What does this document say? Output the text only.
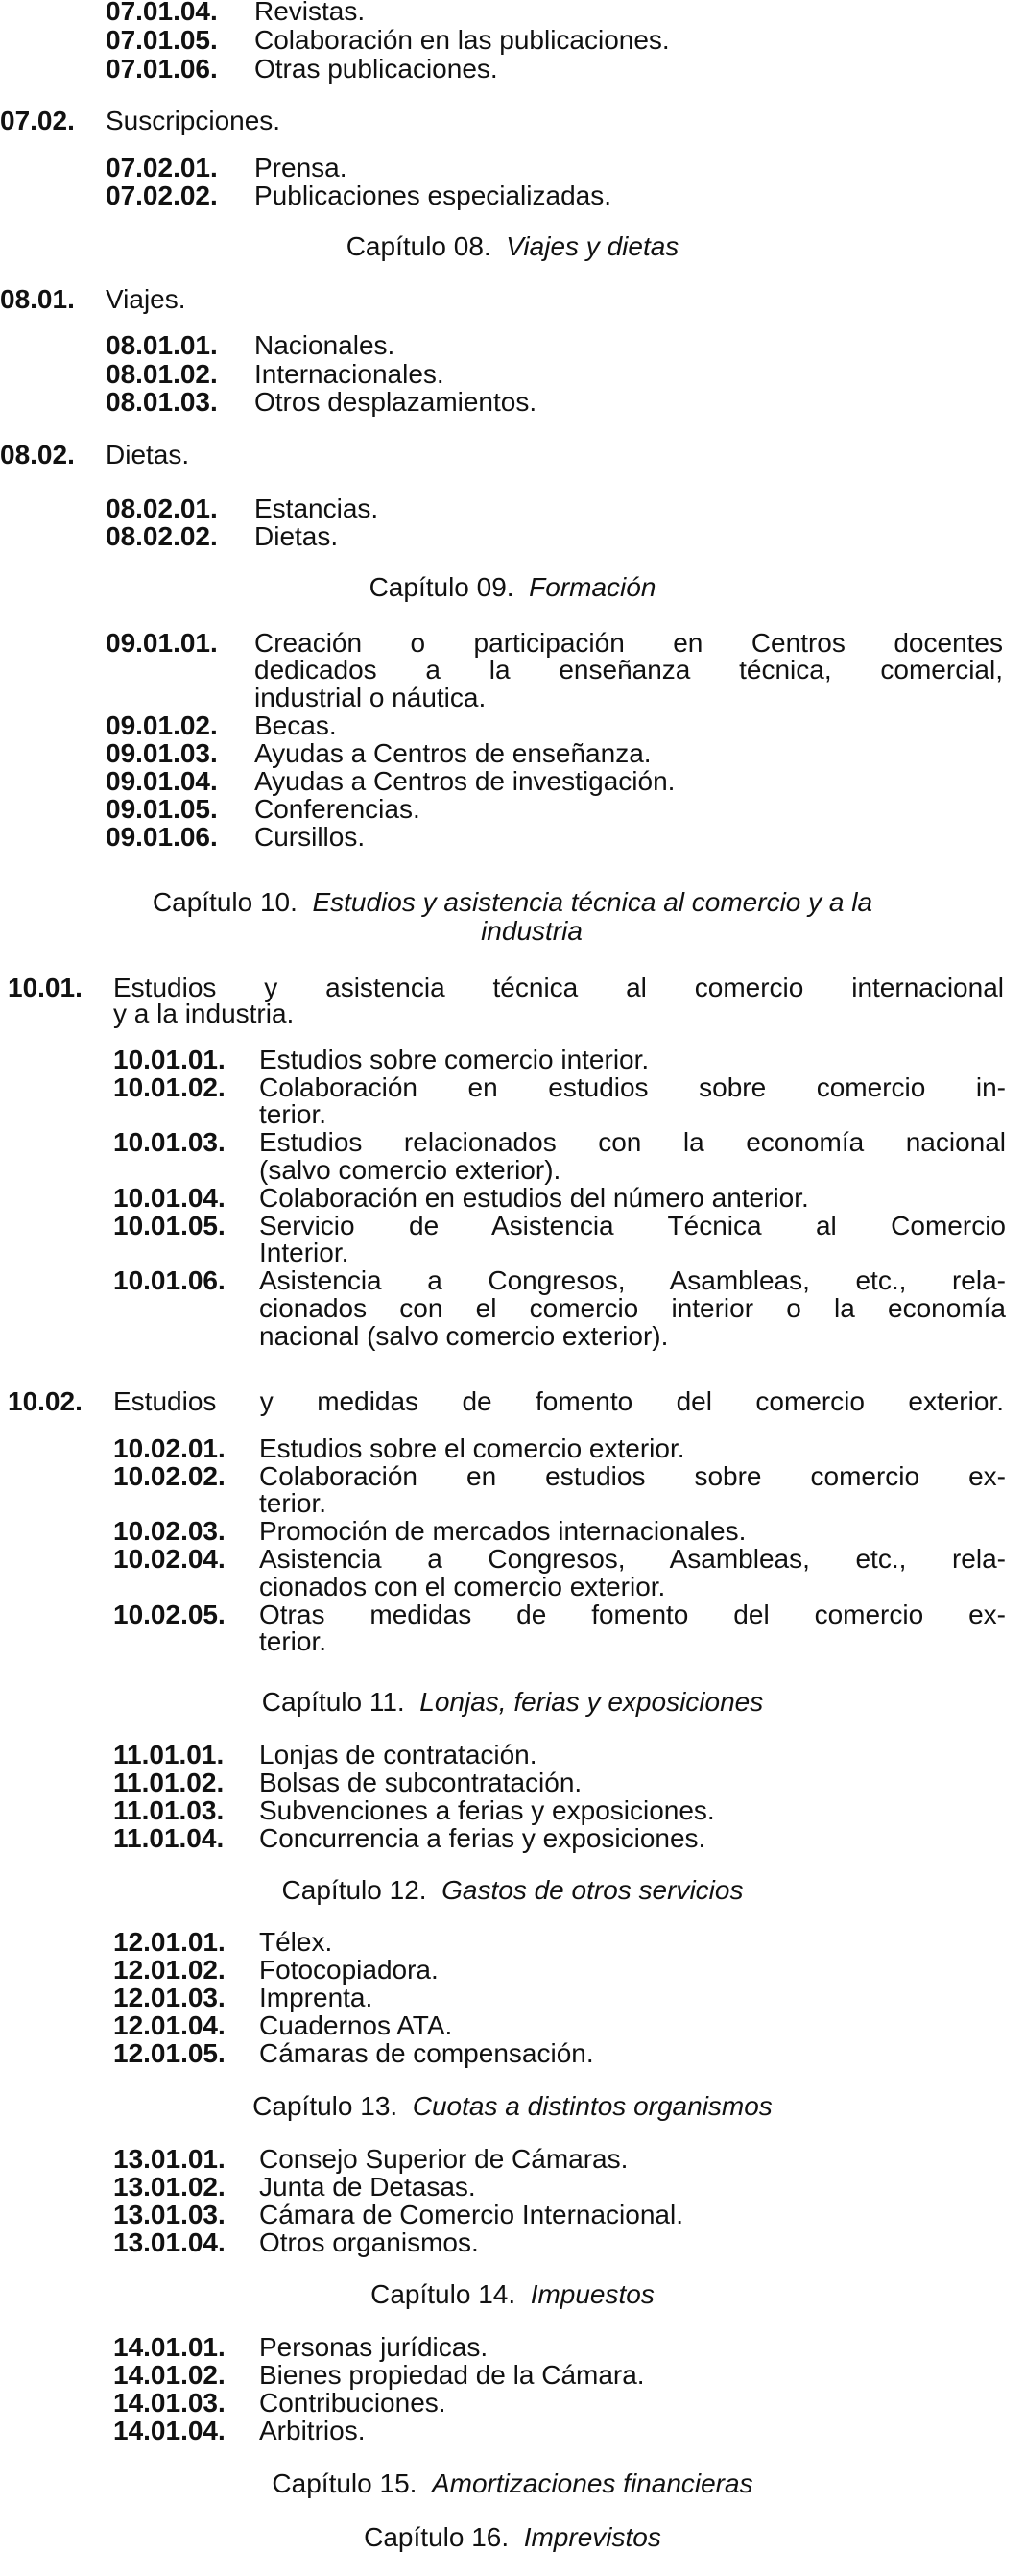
07.01.04. Revistas.
07.01.05. Colaboración en las publicaciones.
07.01.06. Otras publicaciones.
07.02. Suscripciones.
07.02.01. Prensa.
07.02.02. Publicaciones especializadas.
Capítulo 08. Viajes y dietas
08.01. Viajes.
08.01.01. Nacionales.
08.01.02. Internacionales.
08.01.03. Otros desplazamientos.
08.02. Dietas.
08.02.01. Estancias.
08.02.02. Dietas.
Capítulo 09. Formación
09.01.01. Creación o participación en Centros docentes
dedicados a la enseñanza técnica, comercial,
industrial o náutica.
09.01.02. Becas.
09.01.03. Ayudas a Centros de enseñanza.
09.01.04. Ayudas a Centros de investigación.
09.01.05. Conferencias.
09.01.06. Cursillos.
Capítulo 10. Estudios y asistencia técnica al comercio y a la
industria
10.01. Estudios y asistencia técnica al comercio internacional
y a la industria.
10.01.01. Estudios sobre comercio interior.
10.01.02. Colaboración en estudios sobre comercio in-
terior.
10.01.03. Estudios relacionados con la economía nacional
(salvo comercio exterior).
10.01.04. Colaboración en estudios del número anterior.
10.01.05. Servicio de Asistencia Técnica al Comercio
Interior.
10.01.06. Asistencia a Congresos, Asambleas, etc., rela-
cionados con el comercio interior o la economía
nacional (salvo comercio exterior).
10.02. Estudios y medidas de fomento del comercio exterior.
10.02.01. Estudios sobre el comercio exterior.
10.02.02. Colaboración en estudios sobre comercio ex-
terior.
10.02.03. Promoción de mercados internacionales.
10.02.04. Asistencia a Congresos, Asambleas, etc., rela-
cionados con el comercio exterior.
10.02.05. Otras medidas de fomento del comercio ex-
terior.
Capítulo 11. Lonjas, ferias y exposiciones
11.01.01. Lonjas de contratación.
11.01.02. Bolsas de subcontratación.
11.01.03. Subvenciones a ferias y exposiciones.
11.01.04. Concurrencia a ferias y exposiciones.
Capítulo 12. Gastos de otros servicios
12.01.01. Télex.
12.01.02. Fotocopiadora.
12.01.03. Imprenta.
12.01.04. Cuadernos ATA.
12.01.05. Cámaras de compensación.
Capítulo 13. Cuotas a distintos organismos
13.01.01. Consejo Superior de Cámaras.
13.01.02. Junta de Detasas.
13.01.03. Cámara de Comercio Internacional.
13.01.04. Otros organismos.
Capítulo 14. Impuestos
14.01.01. Personas jurídicas.
14.01.02. Bienes propiedad de la Cámara.
14.01.03. Contribuciones.
14.01.04. Arbitrios.
Capítulo 15. Amortizaciones financieras
Capítulo 16. Imprevistos
